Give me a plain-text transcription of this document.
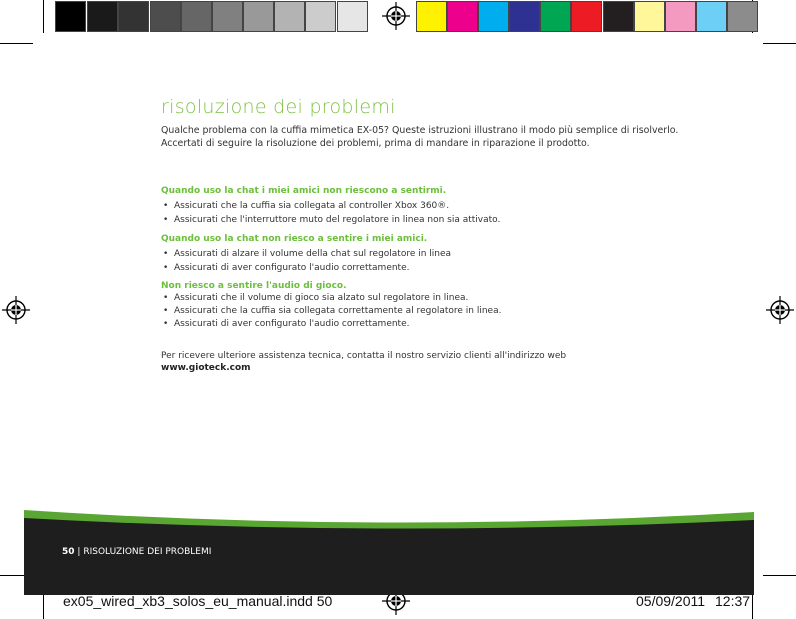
risoluzione dei problemi
Qualche problema con la cuffia mimetica EX-05? Queste istruzioni illustrano il modo più semplice di risolverlo.
Accertati di seguire la risoluzione dei problemi, prima di mandare in riparazione il prodotto.
Quando uso la chat i miei amici non riescono a sentirmi.
• Assicurati che la cuffia sia collegata al controller Xbox 360®.
• Assicurati che l'interruttore muto del regolatore in linea non sia attivato.
Quando uso la chat non riesco a sentire i miei amici.
• Assicurati di alzare il volume della chat sul regolatore in linea
• Assicurati di aver configurato l'audio correttamente.
Non riesco a sentire l'audio di gioco.
• Assicurati che il volume di gioco sia alzato sul regolatore in linea.
• Assicurati che la cuffia sia collegata correttamente al regolatore in linea.
• Assicurati di aver configurato l'audio correttamente.
Per ricevere ulteriore assistenza tecnica, contatta il nostro servizio clienti all'indirizzo web
www.gioteck.com
50 | RISOLUZIONE DEI PROBLEMI
ex05_wired_xb3_solos_eu_manual.indd 50	05/09/2011 12:37
